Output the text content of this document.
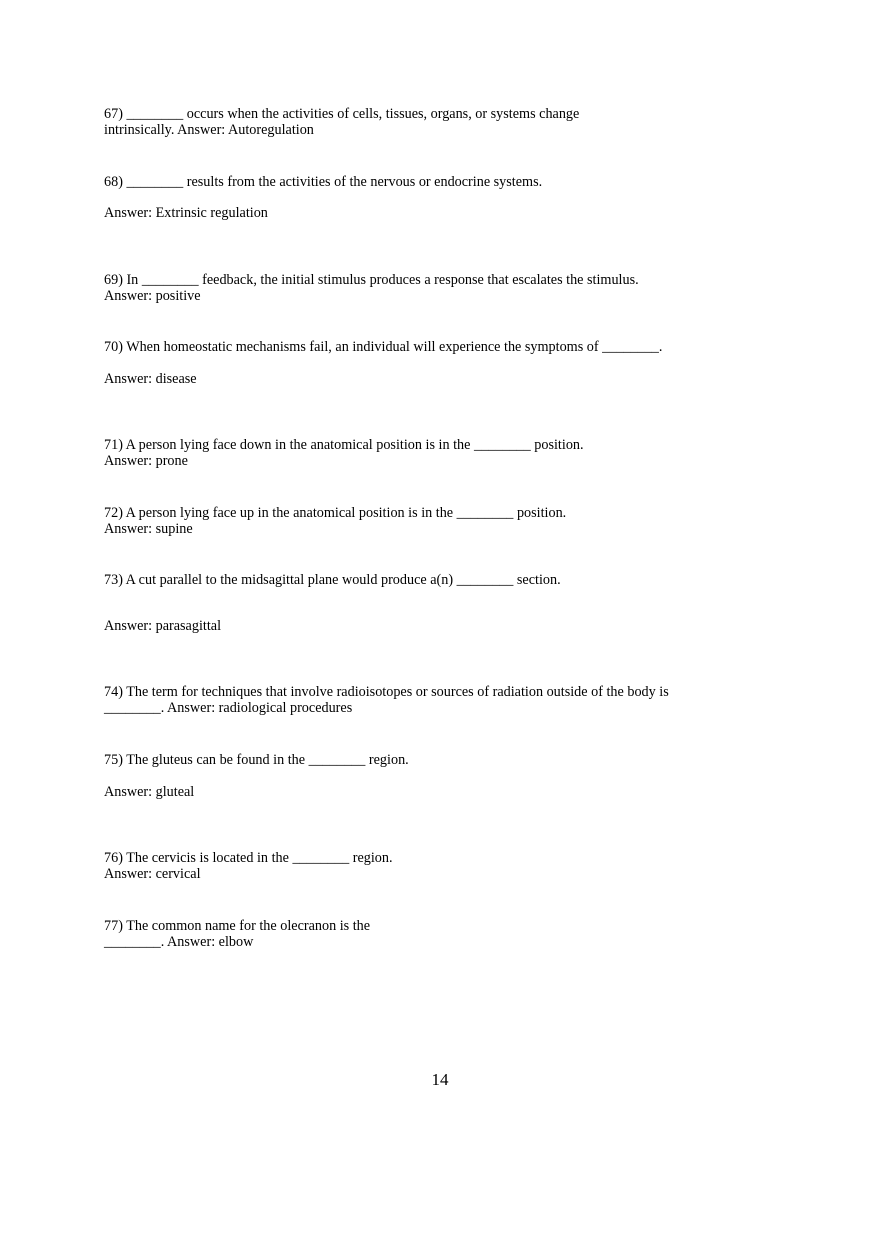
67) ________ occurs when the activities of cells, tissues, organs, or systems change
intrinsically. Answer: Autoregulation
68) ________ results from the activities of the nervous or endocrine systems.
Answer: Extrinsic regulation
69) In ________ feedback, the initial stimulus produces a response that escalates the stimulus.
Answer: positive
70) When homeostatic mechanisms fail, an individual will experience the symptoms of ________.
Answer: disease
71) A person lying face down in the anatomical position is in the ________ position.
Answer: prone
72) A person lying face up in the anatomical position is in the ________ position.
Answer: supine
73) A cut parallel to the midsagittal plane would produce a(n) ________ section.
Answer: parasagittal
74) The term for techniques that involve radioisotopes or sources of radiation outside of the body is
________. Answer: radiological procedures
75) The gluteus can be found in the ________ region.
Answer: gluteal
76) The cervicis is located in the ________ region.
Answer: cervical
77) The common name for the olecranon is the
________. Answer: elbow
14
